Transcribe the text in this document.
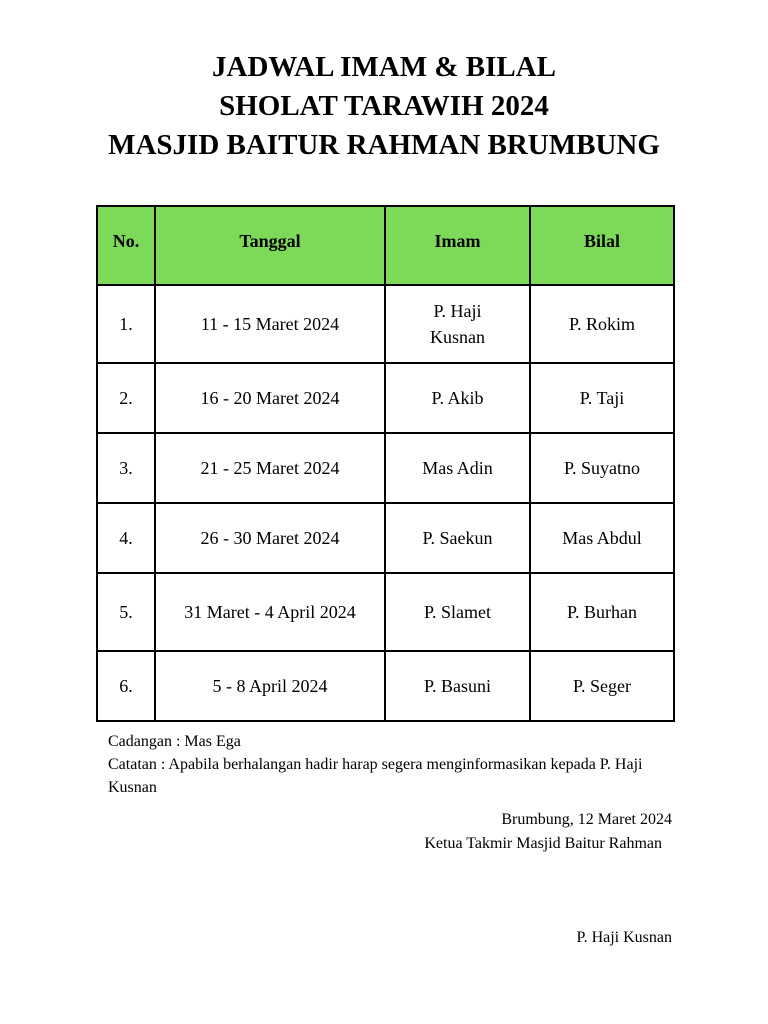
JADWAL IMAM & BILAL

SHOLAT TARAWIH 2024

MASJID BAITUR RAHMAN BRUMBUNG

No.	Tanggal	Imam	Bilal
1.	11 - 15 Maret 2024	P. Haji Kusnan	P. Rokim
2.	16 - 20 Maret 2024	P. Akib	P. Taji
3.	21 - 25 Maret 2024	Mas Adin	P. Suyatno
4.	26 - 30 Maret 2024	P. Saekun	Mas Abdul
5.	31 Maret - 4 April 2024	P. Slamet	P. Burhan
6.	5 - 8 April 2024	P. Basuni	P. Seger

Cadangan : Mas Ega

Catatan : Apabila berhalangan hadir harap segera menginformasikan kepada P. Haji Kusnan

Brumbung, 12 Maret 2024

Ketua Takmir Masjid Baitur Rahman

P. Haji Kusnan
